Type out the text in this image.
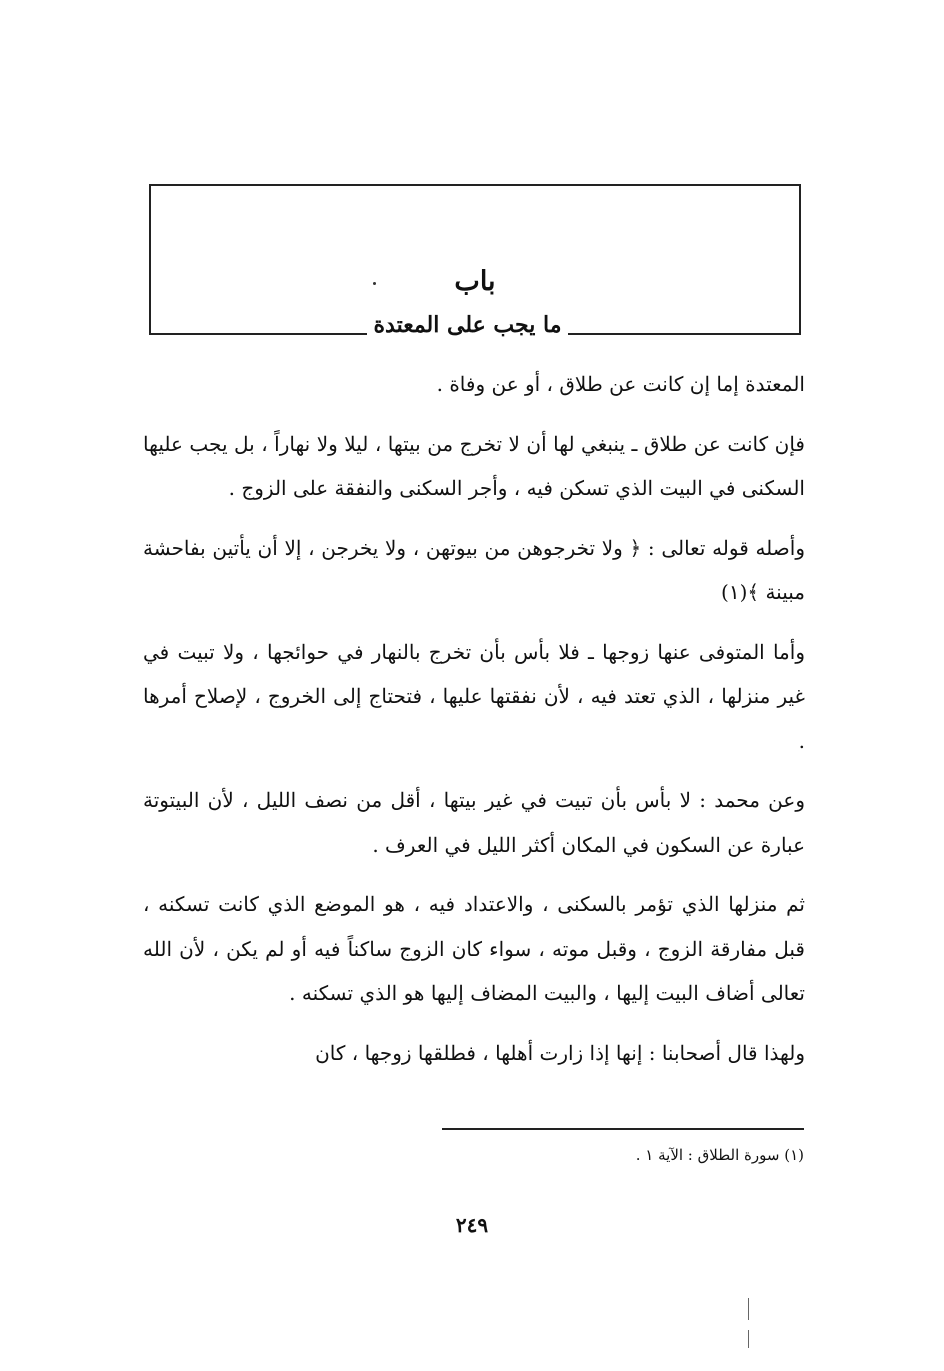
باب
ما يجب على المعتدة

المعتدة إما إن كانت عن طلاق ، أو عن وفاة .

فإن كانت عن طلاق ـ ينبغي لها أن لا تخرج من بيتها ، ليلا ولا نهاراً ، بل يجب عليها السكنى في البيت الذي تسكن فيه ، وأجر السكنى والنفقة على الزوج .

وأصله قوله تعالى : ﴿ ولا تخرجوهن من بيوتهن ، ولا يخرجن ، إلا أن يأتين بفاحشة مبينة ﴾(١)

وأما المتوفى عنها زوجها ـ فلا بأس بأن تخرج بالنهار في حوائجها ، ولا تبيت في غير منزلها ، الذي تعتد فيه ، لأن نفقتها عليها ، فتحتاج إلى الخروج ، لإصلاح أمرها .

وعن محمد : لا بأس بأن تبيت في غير بيتها ، أقل من نصف الليل ، لأن البيتوتة عبارة عن السكون في المكان أكثر الليل في العرف .

ثم منزلها الذي تؤمر بالسكنى ، والاعتداد فيه ، هو الموضع الذي كانت تسكنه ، قبل مفارقة الزوج ، وقبل موته ، سواء كان الزوج ساكناً فيه أو لم يكن ، لأن الله تعالى أضاف البيت إليها ، والبيت المضاف إليها هو الذي تسكنه .

ولهذا قال أصحابنا : إنها إذا زارت أهلها ، فطلقها زوجها ، كان

(١) سورة الطلاق : الآية ١ .
٢٤٩
